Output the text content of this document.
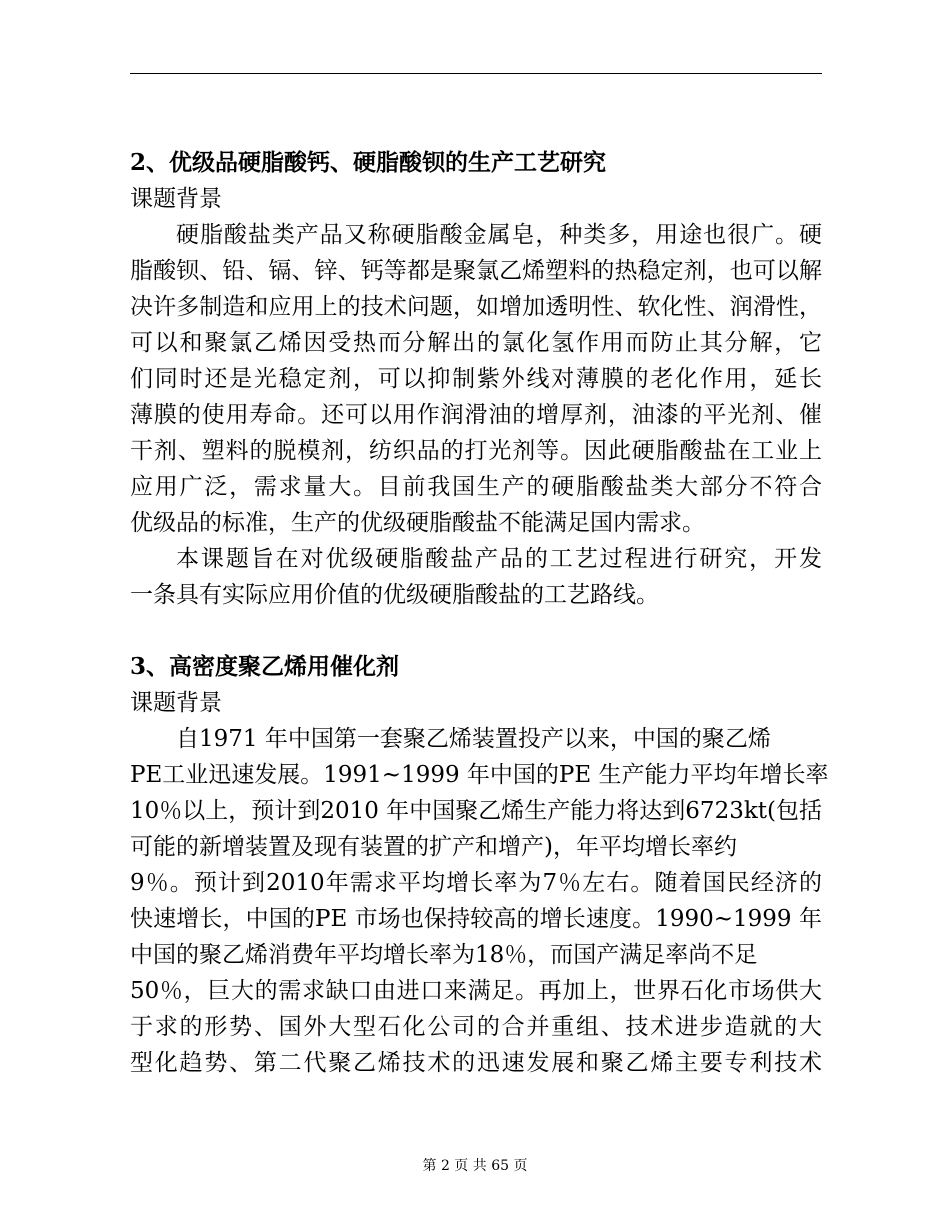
2、优级品硬脂酸钙、硬脂酸钡的生产工艺研究
课题背景
硬脂酸盐类产品又称硬脂酸金属皂，种类多，用途也很广。硬
脂酸钡、铅、镉、锌、钙等都是聚氯乙烯塑料的热稳定剂，也可以解
决许多制造和应用上的技术问题，如增加透明性、软化性、润滑性，
可以和聚氯乙烯因受热而分解出的氯化氢作用而防止其分解，它
们同时还是光稳定剂，可以抑制紫外线对薄膜的老化作用，延长
薄膜的使用寿命。还可以用作润滑油的增厚剂，油漆的平光剂、催
干剂、塑料的脱模剂，纺织品的打光剂等。因此硬脂酸盐在工业上
应用广泛，需求量大。目前我国生产的硬脂酸盐类大部分不符合
优级品的标准，生产的优级硬脂酸盐不能满足国内需求。
本课题旨在对优级硬脂酸盐产品的工艺过程进行研究，开发
一条具有实际应用价值的优级硬脂酸盐的工艺路线。
3、高密度聚乙烯用催化剂
课题背景
自1971 年中国第一套聚乙烯装置投产以来，中国的聚乙烯
PE工业迅速发展。1991~1999 年中国的PE 生产能力平均年增长率
10％以上，预计到2010 年中国聚乙烯生产能力将达到6723kt(包括
可能的新增装置及现有装置的扩产和增产)，年平均增长率约
9％。预计到2010年需求平均增长率为7％左右。随着国民经济的
快速增长，中国的PE 市场也保持较高的增长速度。1990~1999 年
中国的聚乙烯消费年平均增长率为18％，而国产满足率尚不足
50％，巨大的需求缺口由进口来满足。再加上，世界石化市场供大
于求的形势、国外大型石化公司的合并重组、技术进步造就的大
型化趋势、第二代聚乙烯技术的迅速发展和聚乙烯主要专利技术
第 2 页 共 65 页
